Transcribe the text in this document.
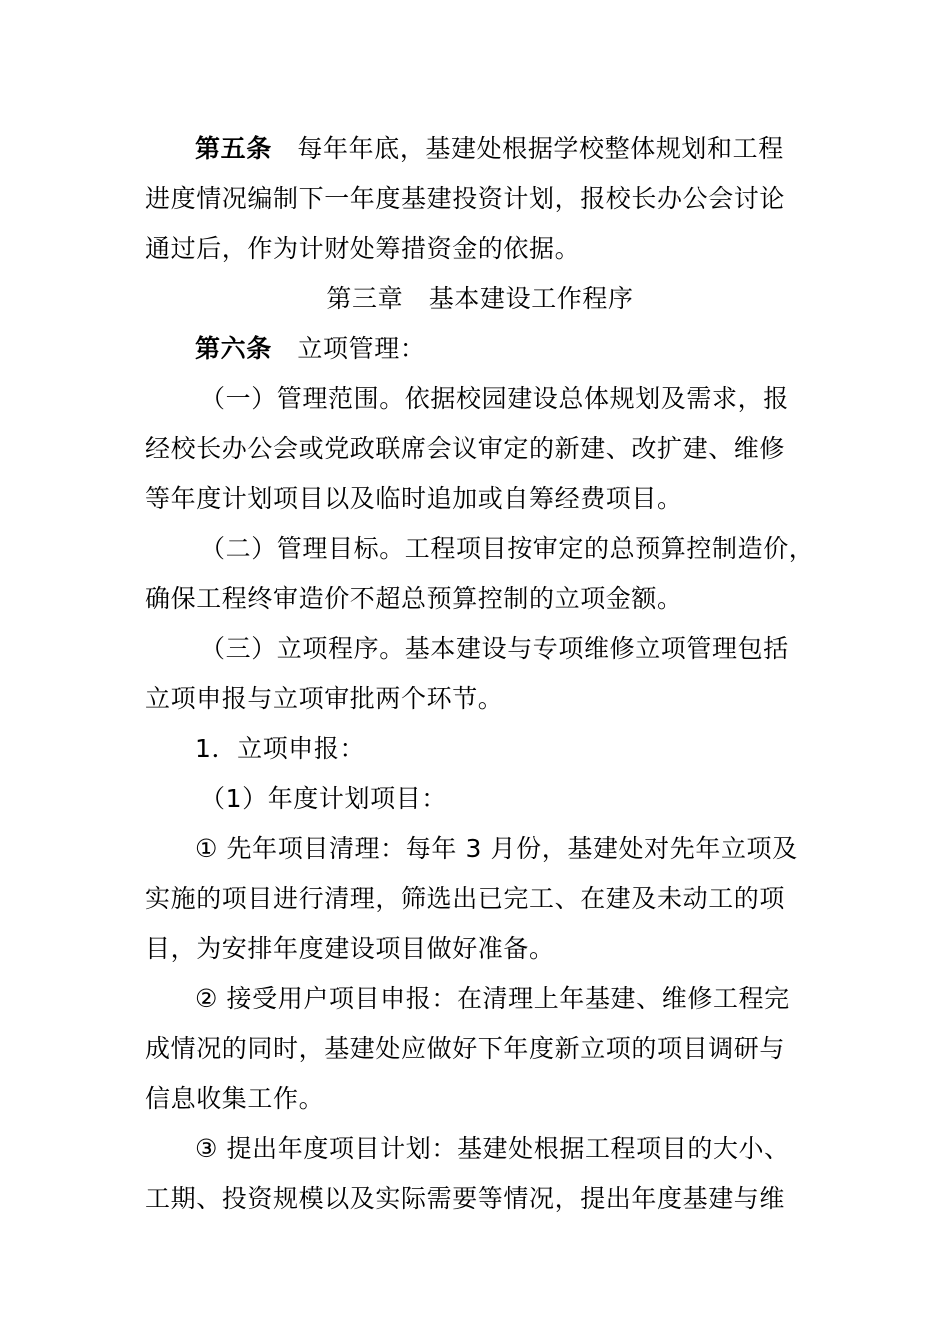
第五条　每年年底，基建处根据学校整体规划和工程
进度情况编制下一年度基建投资计划，报校长办公会讨论
通过后，作为计财处筹措资金的依据。
第三章　基本建设工作程序
第六条　立项管理：
（一）管理范围。依据校园建设总体规划及需求，报
经校长办公会或党政联席会议审定的新建、改扩建、维修
等年度计划项目以及临时追加或自筹经费项目。
（二）管理目标。工程项目按审定的总预算控制造价，
确保工程终审造价不超总预算控制的立项金额。
（三）立项程序。基本建设与专项维修立项管理包括
立项申报与立项审批两个环节。
1．立项申报：
（1）年度计划项目：
① 先年项目清理：每年 3 月份，基建处对先年立项及
实施的项目进行清理，筛选出已完工、在建及未动工的项
目，为安排年度建设项目做好准备。
② 接受用户项目申报：在清理上年基建、维修工程完
成情况的同时，基建处应做好下年度新立项的项目调研与
信息收集工作。
③ 提出年度项目计划：基建处根据工程项目的大小、
工期、投资规模以及实际需要等情况，提出年度基建与维
